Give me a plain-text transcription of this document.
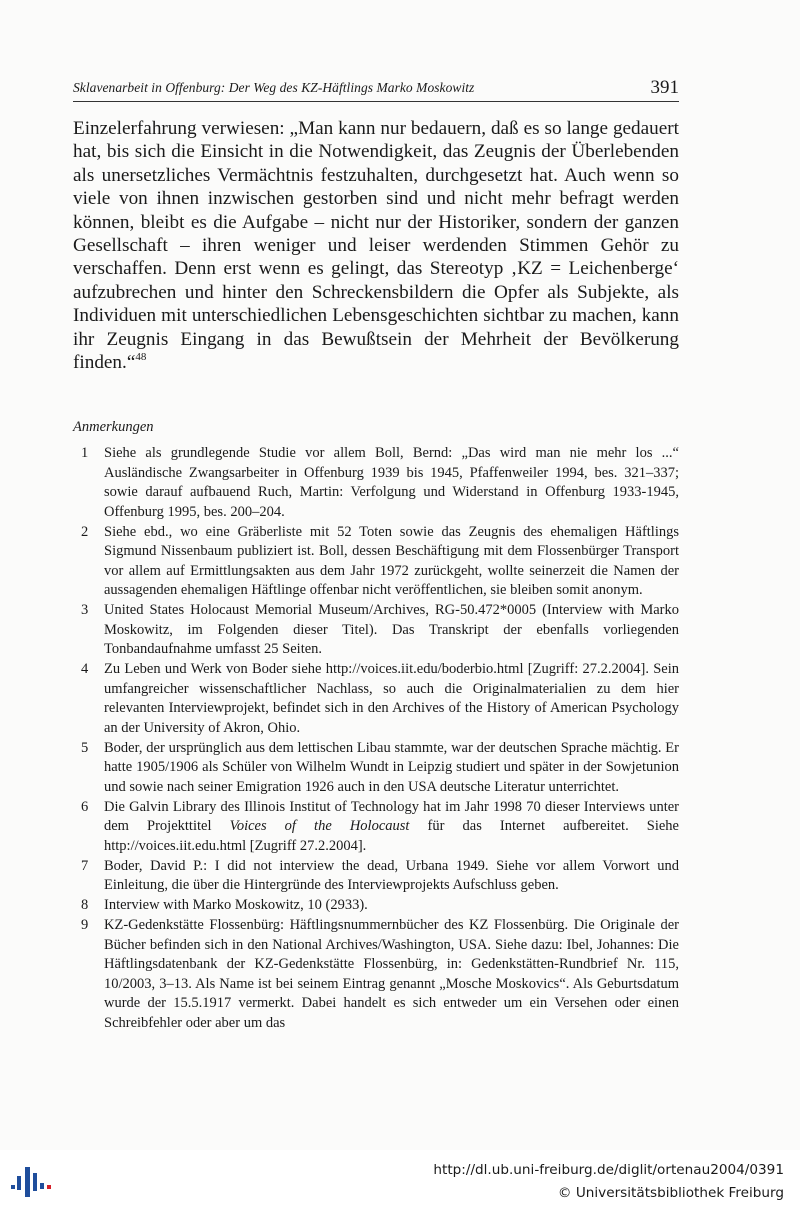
Sklavenarbeit in Offenburg: Der Weg des KZ-Häftlings Marko Moskowitz	391

Einzelerfahrung verwiesen: „Man kann nur bedauern, daß es so lange gedauert hat, bis sich die Einsicht in die Notwendigkeit, das Zeugnis der Überlebenden als unersetzliches Vermächtnis festzuhalten, durchgesetzt hat. Auch wenn so viele von ihnen inzwischen gestorben sind und nicht mehr befragt werden können, bleibt es die Aufgabe – nicht nur der Historiker, sondern der ganzen Gesellschaft – ihren weniger und leiser werdenden Stimmen Gehör zu verschaffen. Denn erst wenn es gelingt, das Stereotyp ‚KZ = Leichenberge‘ aufzubrechen und hinter den Schreckensbildern die Opfer als Subjekte, als Individuen mit unterschiedlichen Lebensgeschichten sichtbar zu machen, kann ihr Zeugnis Eingang in das Bewußtsein der Mehrheit der Bevölkerung finden.“$^{48}$

Anmerkungen

1	Siehe als grundlegende Studie vor allem Boll, Bernd: „Das wird man nie mehr los ...“ Ausländische Zwangsarbeiter in Offenburg 1939 bis 1945, Pfaffenweiler 1994, bes. 321–337; sowie darauf aufbauend Ruch, Martin: Verfolgung und Widerstand in Offenburg 1933-1945, Offenburg 1995, bes. 200–204.
2	Siehe ebd., wo eine Gräberliste mit 52 Toten sowie das Zeugnis des ehemaligen Häftlings Sigmund Nissenbaum publiziert ist. Boll, dessen Beschäftigung mit dem Flossenbürger Transport vor allem auf Ermittlungsakten aus dem Jahr 1972 zurückgeht, wollte seinerzeit die Namen der aussagenden ehemaligen Häftlinge offenbar nicht veröffentlichen, sie bleiben somit anonym.
3	United States Holocaust Memorial Museum/Archives, RG-50.472*0005 (Interview with Marko Moskowitz, im Folgenden dieser Titel). Das Transkript der ebenfalls vorliegenden Tonbandaufnahme umfasst 25 Seiten.
4	Zu Leben und Werk von Boder siehe http://voices.iit.edu/boderbio.html [Zugriff: 27.2.2004]. Sein umfangreicher wissenschaftlicher Nachlass, so auch die Originalmaterialien zu dem hier relevanten Interviewprojekt, befindet sich in den Archives of the History of American Psychology an der University of Akron, Ohio.
5	Boder, der ursprünglich aus dem lettischen Libau stammte, war der deutschen Sprache mächtig. Er hatte 1905/1906 als Schüler von Wilhelm Wundt in Leipzig studiert und später in der Sowjetunion und sowie nach seiner Emigration 1926 auch in den USA deutsche Literatur unterrichtet.
6	Die Galvin Library des Illinois Institut of Technology hat im Jahr 1998 70 dieser Interviews unter dem Projekttitel Voices of the Holocaust für das Internet aufbereitet. Siehe http://voices.iit.edu.html [Zugriff 27.2.2004].
7	Boder, David P.: I did not interview the dead, Urbana 1949. Siehe vor allem Vorwort und Einleitung, die über die Hintergründe des Interviewprojekts Aufschluss geben.
8	Interview with Marko Moskowitz, 10 (2933).
9	KZ-Gedenkstätte Flossenbürg: Häftlingsnummernbücher des KZ Flossenbürg. Die Originale der Bücher befinden sich in den National Archives/Washington, USA. Siehe dazu: Ibel, Johannes: Die Häftlingsdatenbank der KZ-Gedenkstätte Flossenbürg, in: Gedenkstätten-Rundbrief Nr. 115, 10/2003, 3–13. Als Name ist bei seinem Eintrag genannt „Mosche Moskovics“. Als Geburtsdatum wurde der 15.5.1917 vermerkt. Dabei handelt es sich entweder um ein Versehen oder einen Schreibfehler oder aber um das
http://dl.ub.uni-freiburg.de/diglit/ortenau2004/0391
© Universitätsbibliothek Freiburg
